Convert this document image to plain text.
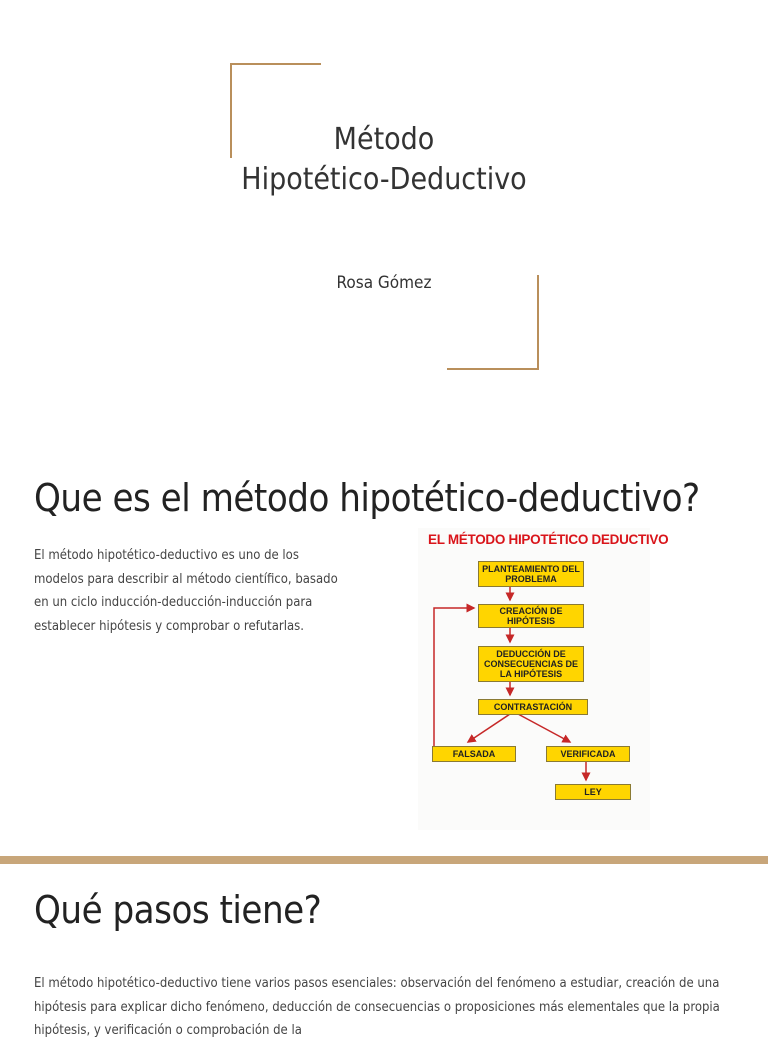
Método
Hipotético-Deductivo
Rosa Gómez
Que es el método hipotético-deductivo?
El método hipotético-deductivo es uno de los modelos para describir al método científico, basado en un ciclo inducción-deducción-inducción para establecer hipótesis y comprobar o refutarlas.
EL MÉTODO HIPOTÉTICO DEDUCTIVO
PLANTEAMIENTO DEL PROBLEMA
CREACIÓN DE HIPÓTESIS
DEDUCCIÓN DE CONSECUENCIAS DE LA HIPÓTESIS
CONTRASTACIÓN
FALSADA	VERIFICADA
LEY
Qué pasos tiene?
El método hipotético-deductivo tiene varios pasos esenciales: observación del fenómeno a estudiar, creación de una hipótesis para explicar dicho fenómeno, deducción de consecuencias o proposiciones más elementales que la propia hipótesis, y verificación o comprobación de la
